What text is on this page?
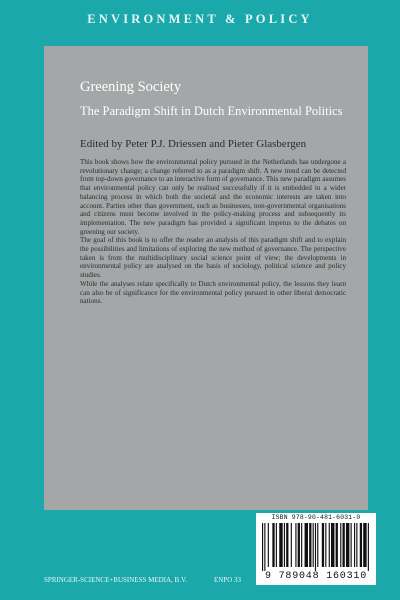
ENVIRONMENT & POLICY
Greening Society
The Paradigm Shift in Dutch Environmental Politics
Edited by Peter P.J. Driessen and Pieter Glasbergen

This book shows how the environmental policy pursued in the Netherlands has undergone a revolutionary change; a change referred to as a paradigm shift. A new trend can be detected from top-down governance to an interactive form of governance. This new paradigm assumes that environmental policy can only be realised successfully if it is embedded in a wider balancing process in which both the societal and the economic interests are taken into account. Parties other than government, such as businesses, non-governmental organisations and citizens must become involved in the policy-making process and subsequently its implementation. The new paradigm has provided a significant impetus to the debates on greening our society.

The goal of this book is to offer the reader an analysis of this paradigm shift and to explain the possibilities and limitations of exploring the new method of governance. The perspective taken is from the multidisciplinary social science point of view; the developments in environmental policy are analysed on the basis of sociology, political science and policy studies.

While the analyses relate specifically to Dutch environmental policy, the lessons they learn can also be of significance for the environmental policy pursued in other liberal democratic nations.

ISBN 978-90-481-6031-0
9 789048 160310
SPRINGER-SCIENCE+BUSINESS MEDIA, B.V.	ENPO 33
